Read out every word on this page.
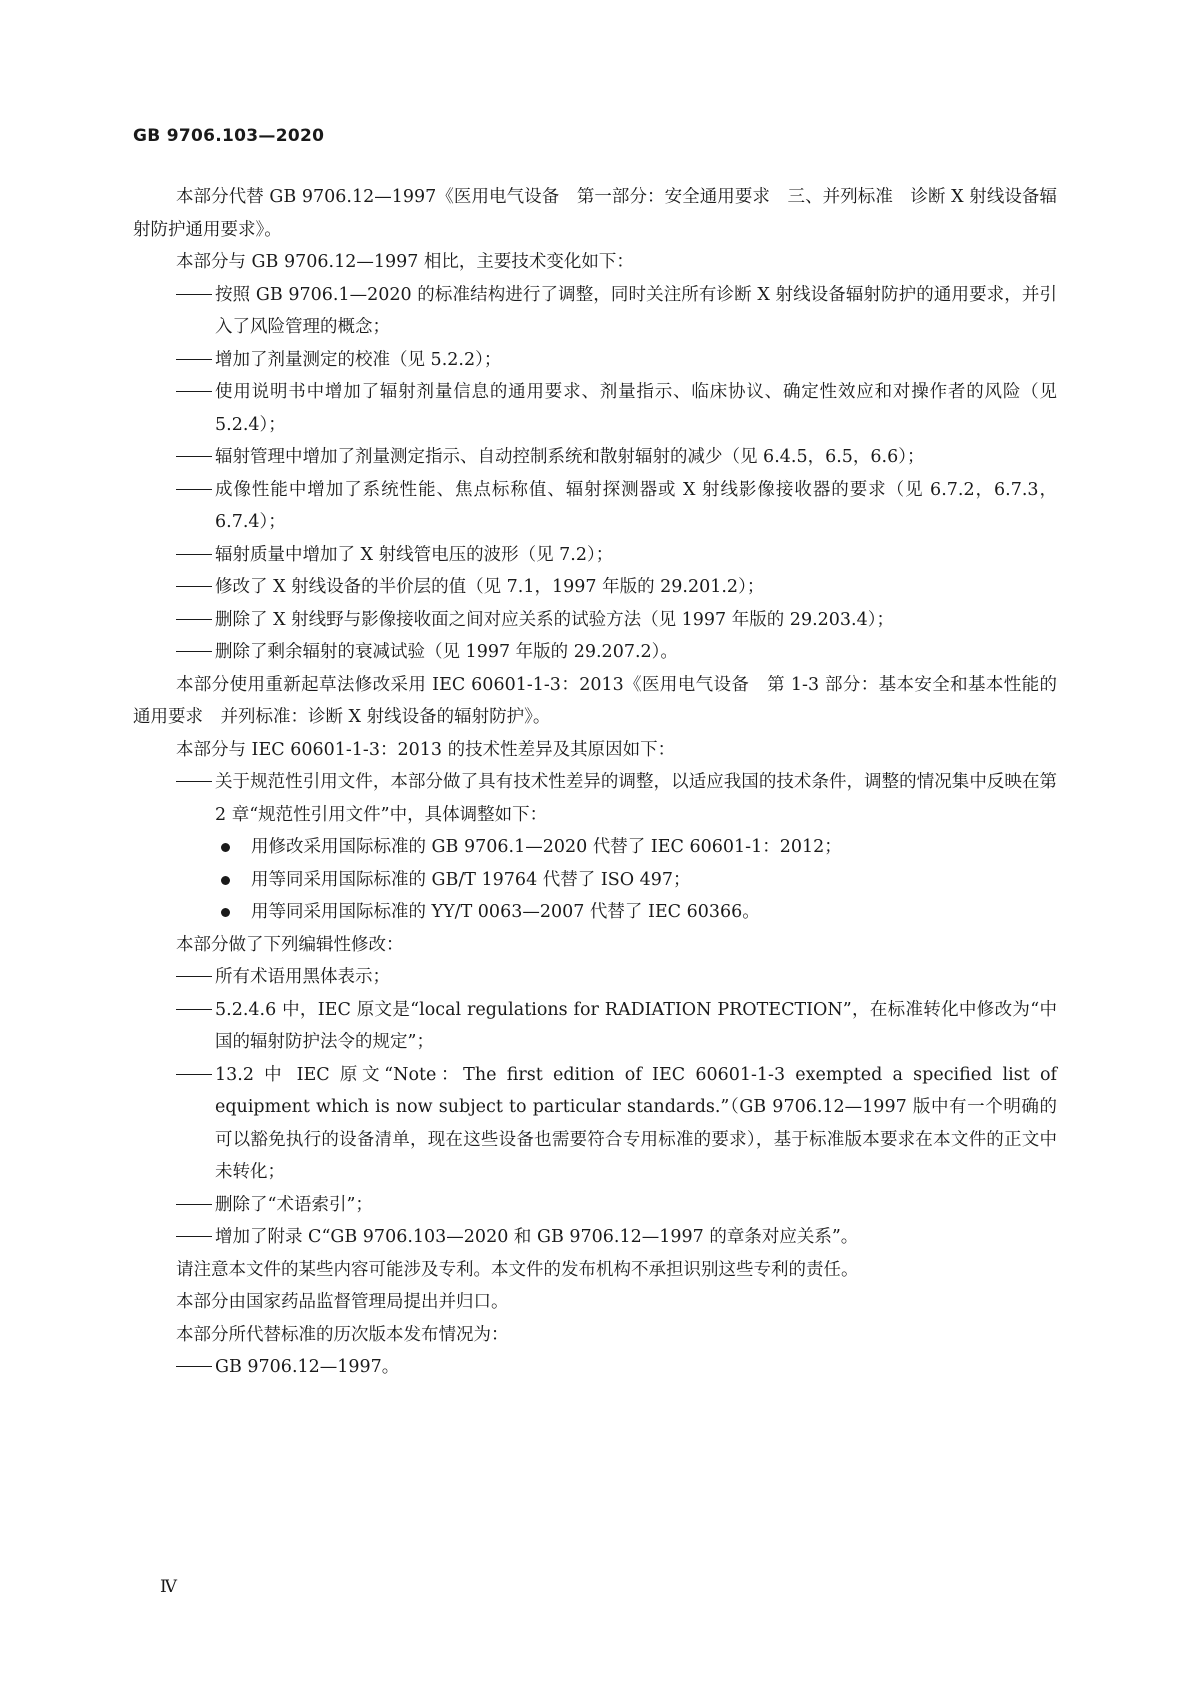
GB 9706.103—2020

本部分代替 GB 9706.12—1997《医用电气设备　第一部分：安全通用要求　三、并列标准　诊断 X 射线设备辐射防护通用要求》。

本部分与 GB 9706.12—1997 相比，主要技术变化如下：

按照 GB 9706.1—2020 的标准结构进行了调整，同时关注所有诊断 X 射线设备辐射防护的通用要求，并引入了风险管理的概念；
增加了剂量测定的校准（见 5.2.2）；
使用说明书中增加了辐射剂量信息的通用要求、剂量指示、临床协议、确定性效应和对操作者的风险（见 5.2.4）；
辐射管理中增加了剂量测定指示、自动控制系统和散射辐射的减少（见 6.4.5，6.5，6.6）；
成像性能中增加了系统性能、焦点标称值、辐射探测器或 X 射线影像接收器的要求（见 6.7.2，6.7.3，6.7.4）；
辐射质量中增加了 X 射线管电压的波形（见 7.2）；
修改了 X 射线设备的半价层的值（见 7.1，1997 年版的 29.201.2）；
删除了 X 射线野与影像接收面之间对应关系的试验方法（见 1997 年版的 29.203.4）；
删除了剩余辐射的衰减试验（见 1997 年版的 29.207.2）。

本部分使用重新起草法修改采用 IEC 60601-1-3：2013《医用电气设备　第 1-3 部分：基本安全和基本性能的通用要求　并列标准：诊断 X 射线设备的辐射防护》。

本部分与 IEC 60601-1-3：2013 的技术性差异及其原因如下：

关于规范性引用文件，本部分做了具有技术性差异的调整，以适应我国的技术条件，调整的情况集中反映在第 2 章“规范性引用文件”中，具体调整如下：
用修改采用国际标准的 GB 9706.1—2020 代替了 IEC 60601-1：2012；
用等同采用国际标准的 GB/T 19764 代替了 ISO 497；
用等同采用国际标准的 YY/T 0063—2007 代替了 IEC 60366。

本部分做了下列编辑性修改：

所有术语用黑体表示；
5.2.4.6 中，IEC 原文是“local regulations for RADIATION PROTECTION”，在标准转化中修改为“中国的辐射防护法令的规定”；
13.2 中 IEC 原文“Note：The first edition of IEC 60601-1-3 exempted a specified list of equipment which is now subject to particular standards.”（GB 9706.12—1997 版中有一个明确的可以豁免执行的设备清单，现在这些设备也需要符合专用标准的要求），基于标准版本要求在本文件的正文中未转化；
删除了“术语索引”；
增加了附录 C“GB 9706.103—2020 和 GB 9706.12—1997 的章条对应关系”。

请注意本文件的某些内容可能涉及专利。本文件的发布机构不承担识别这些专利的责任。

本部分由国家药品监督管理局提出并归口。

本部分所代替标准的历次版本发布情况为：

GB 9706.12—1997。
Ⅳ
